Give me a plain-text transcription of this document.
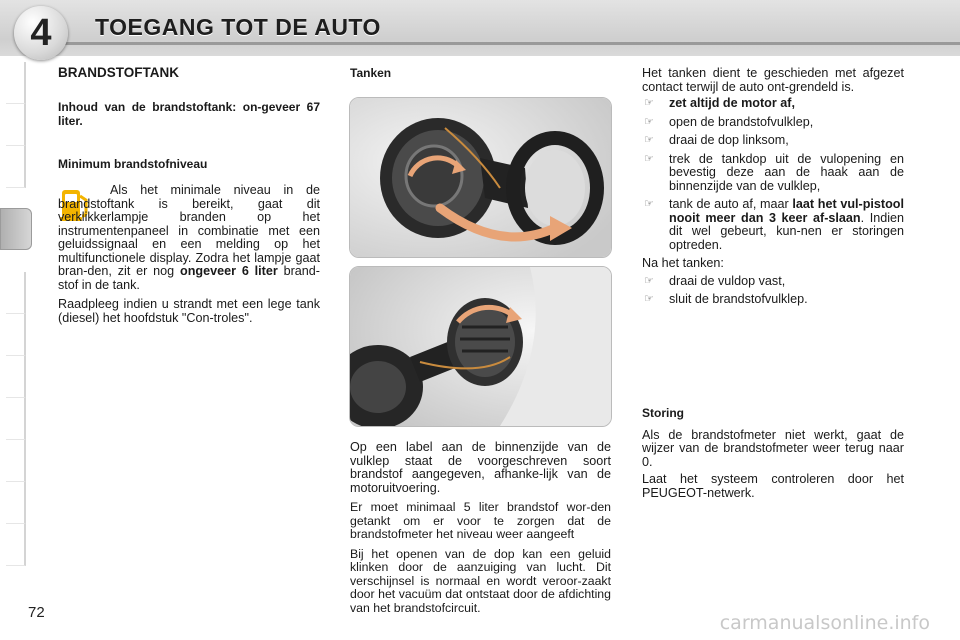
4	TOEGANG TOT DE AUTO
BRANDSTOFTANK

Inhoud van de brandstoftank: on-geveer 67 liter.

Minimum brandstofniveau

Als het minimale niveau in de brandstoftank is bereikt, gaat dit verklikkerlampje branden op het instrumentenpaneel in combinatie met een geluidssignaal en een melding op het multifunctionele display. Zodra het lampje gaat bran-den, zit er nog ongeveer 6 liter brand-stof in de tank.

Raadpleeg indien u strandt met een lege tank (diesel) het hoofdstuk "Con-troles".

Tanken

Op een label aan de binnenzijde van de vulklep staat de voorgeschreven soort brandstof aangegeven, afhanke-lijk van de motoruitvoering.

Er moet minimaal 5 liter brandstof wor-den getankt om er voor te zorgen dat de brandstofmeter het niveau weer aangeeft

Bij het openen van de dop kan een geluid klinken door de aanzuiging van lucht. Dit verschijnsel is normaal en wordt veroor-zaakt door het vacuüm dat ontstaat door de afdichting van het brandstofcircuit.

Het tanken dient te geschieden met afgezet contact terwijl de auto ont-grendeld is.

☞ zet altijd de motor af,
☞ open de brandstofvulklep,
☞ draai de dop linksom,
☞ trek de tankdop uit de vulopening en bevestig deze aan de haak aan de binnenzijde van de vulklep,
☞ tank de auto af, maar laat het vul-pistool nooit meer dan 3 keer af-slaan. Indien dit wel gebeurt, kun-nen er storingen optreden.

Na het tanken:

☞ draai de vuldop vast,
☞ sluit de brandstofvulklep.

Storing

Als de brandstofmeter niet werkt, gaat de wijzer van de brandstofmeter weer terug naar 0.

Laat het systeem controleren door het PEUGEOT-netwerk.

72	carmanualsonline.info
